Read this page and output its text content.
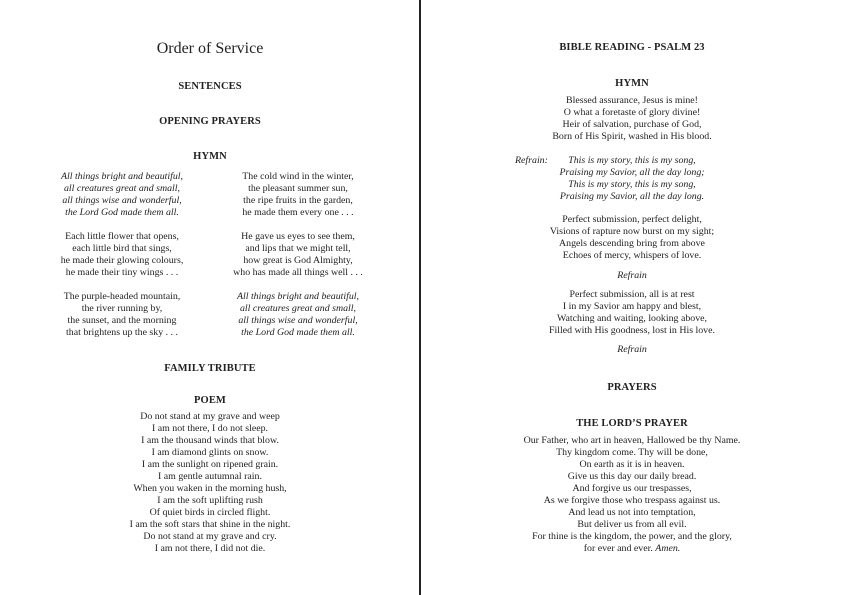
Order of Service
SENTENCES
OPENING PRAYERS
HYMN
All things bright and beautiful,
all creatures great and small,
all things wise and wonderful,
the Lord God made them all.
Each little flower that opens,
each little bird that sings,
he made their glowing colours,
he made their tiny wings . . .
The purple-headed mountain,
the river running by,
the sunset, and the morning
that brightens up the sky . . .
The cold wind in the winter,
the pleasant summer sun,
the ripe fruits in the garden,
he made them every one . . .
He gave us eyes to see them,
and lips that we might tell,
how great is God Almighty,
who has made all things well . . .
All things bright and beautiful,
all creatures great and small,
all things wise and wonderful,
the Lord God made them all.
FAMILY TRIBUTE
POEM
Do not stand at my grave and weep
I am not there, I do not sleep.
I am the thousand winds that blow.
I am diamond glints on snow.
I am the sunlight on ripened grain.
I am gentle autumnal rain.
When you waken in the morning hush,
I am the soft uplifting rush
Of quiet birds in circled flight.
I am the soft stars that shine in the night.
Do not stand at my grave and cry.
I am not there, I did not die.
BIBLE READING - PSALM 23
HYMN
Blessed assurance, Jesus is mine!
O what a foretaste of glory divine!
Heir of salvation, purchase of God,
Born of His Spirit, washed in His blood.
Refrain:	This is my story, this is my song,
Praising my Savior, all the day long;
This is my story, this is my song,
Praising my Savior, all the day long.
Perfect submission, perfect delight,
Visions of rapture now burst on my sight;
Angels descending bring from above
Echoes of mercy, whispers of love.
Refrain
Perfect submission, all is at rest
I in my Savior am happy and blest,
Watching and waiting, looking above,
Filled with His goodness, lost in His love.
Refrain
PRAYERS
THE LORD’S PRAYER
Our Father, who art in heaven, Hallowed be thy Name.
Thy kingdom come. Thy will be done,
On earth as it is in heaven.
Give us this day our daily bread.
And forgive us our trespasses,
As we forgive those who trespass against us.
And lead us not into temptation,
But deliver us from all evil.
For thine is the kingdom, the power, and the glory,
for ever and ever. Amen.
